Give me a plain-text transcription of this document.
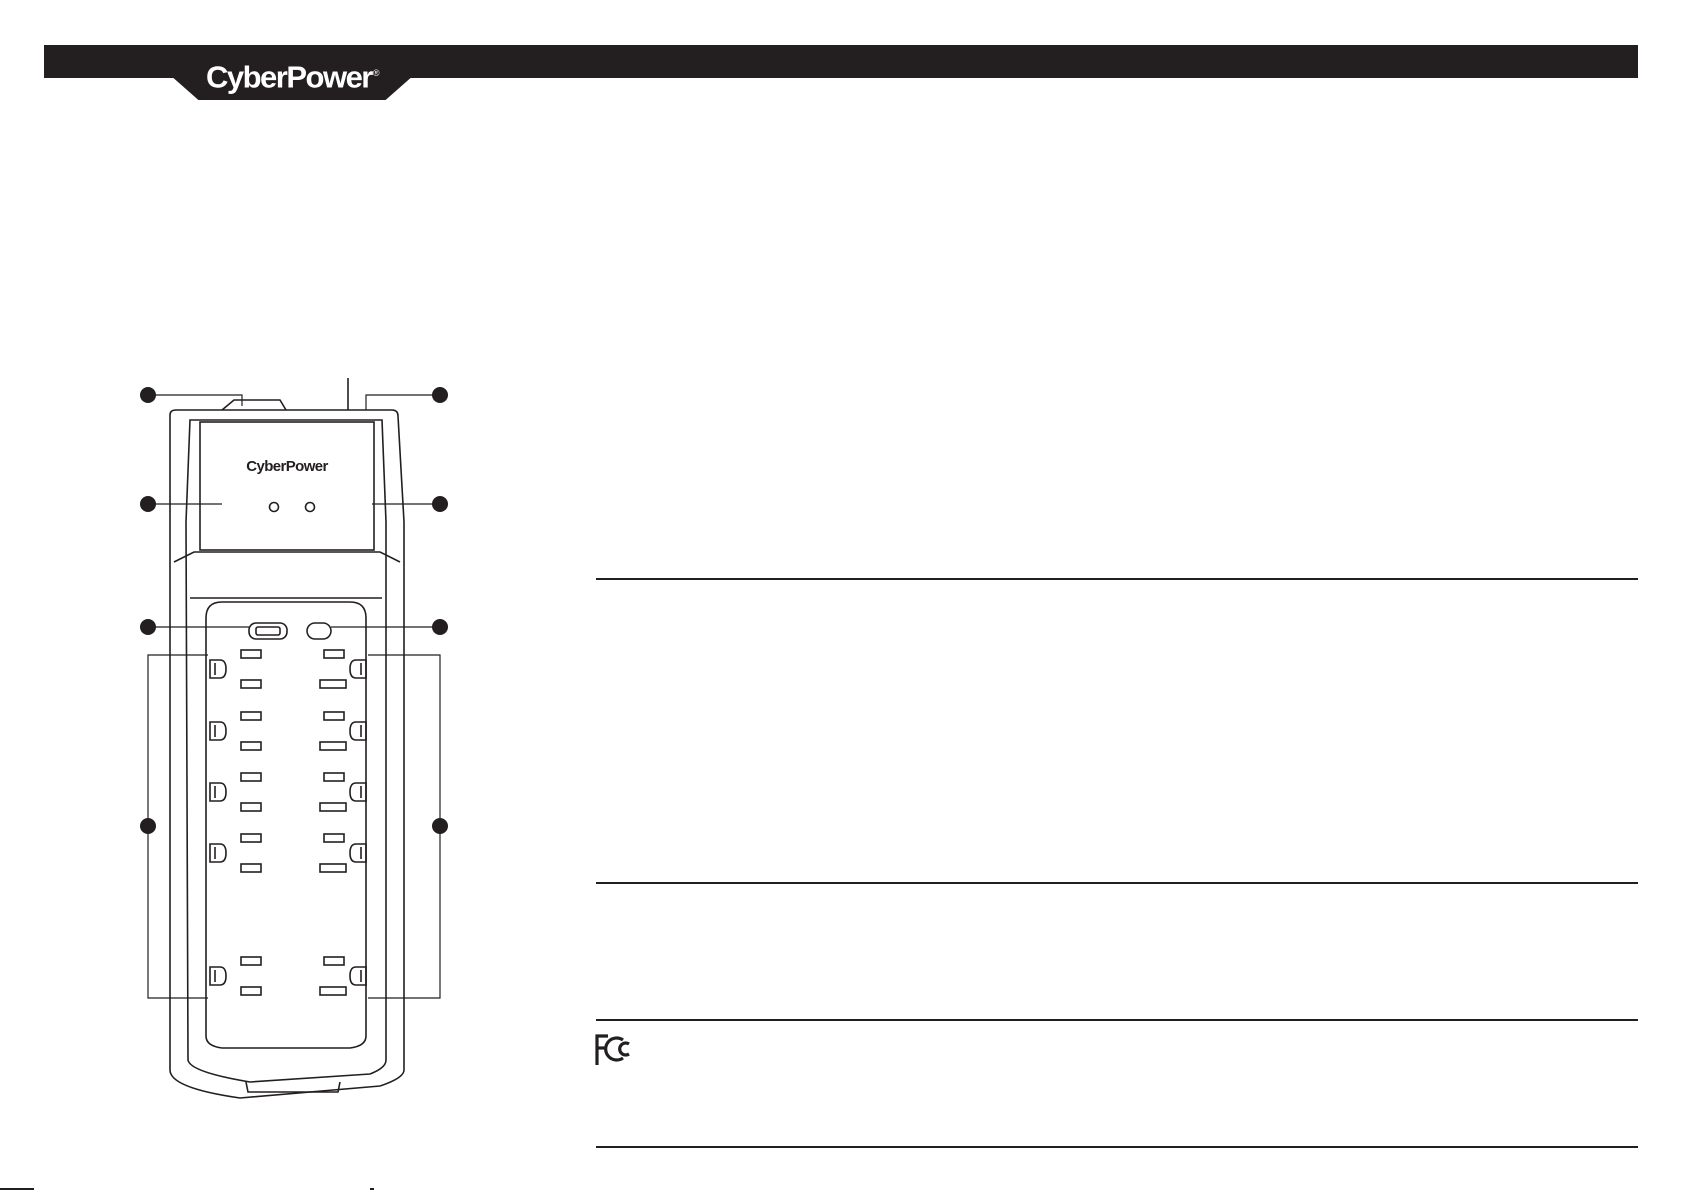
CyberPower®
CyberPower
